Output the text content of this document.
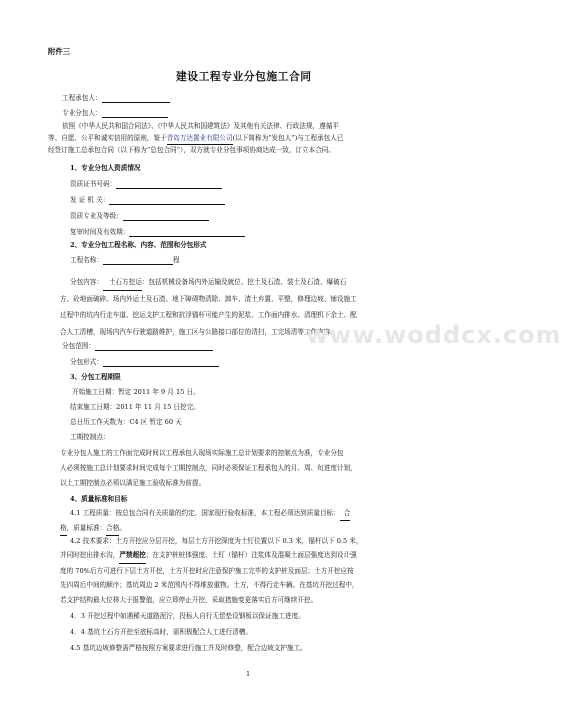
附件三
建设工程专业分包施工合同
工程承包人：
专业分包人：
依照《中华人民共和国合同法》、《中华人民共和国建筑法》及其他有关法律、行政法规，遵循平
等、自愿、公平和诚实信用的原则，鉴于青岛万达置业有限公司(以下简称为“发包人”)与工程承包人已
经签订施工总承包合同（以下称为“总包合同”），双方就专业分包事项协商达成一致，订立本合同。
1、专业分包人资质情况
资质证书号码：
发 证 机 关：
资质专业及等级：
复审时间及有效期：
2、专业分包工程名称、内容、范围和分包形式
工程名称：	程
分包内容： 土石方挖运：包括机械设备场内外运输及就位、挖土及石渣、装土及石渣、爆破石
方、砼地面破碎、场内外运土及石渣、地下障碍物清除、卸车、渣土弃置、平整，修理边坡、铺设施工
过程中的坑内行走车道、挖运支护工程和抗浮锚杆可能产生的泥浆、工作面内排水、清理机下余土、配
合人工清槽，现场内汽车行驶道路维护，施工区与公路接口部位的清扫，工完场清等工作内容。
分包范围：
分包形式：
3、分包工程期限
开始施工日期：暂定 2011 年 9 月 15 日。
结束施工日期：2011 年 11 月 15 日挖完。
总日历工作天数为：C4 区 暂定 60 天
工期控制点：
专业分包人施工的工作面完成时间以工程承包人现场实际施工总计划要求的控制点为准，专业分包
人必须按施工总计划要求时间完成每个工期控制点，同时必须保证工程承包人的月、周、旬进度计划，
以上工期控制点必须以满足施工验收标准为前提。
4、质量标准和目标
4.1 工程质量：按总包合同有关质量的约定、国家现行验收标准，本工程必须达到质量目标： 合
格，质量标准：合格。
4.2 技术要求：土方开挖应分层开挖，每层土方开挖深度为土钉位置以下 0.3 米，锚杆以下 0.5 米，
并同时挖出排水沟，严禁超挖；在支护桩桩体强度、土钉（锚杆）注浆体及混凝土面层强度达到设计强
度的 70%后方可进行下层土方开挖，土方开挖时应注意保护施工完毕的支护桩及面层；土方开挖应按
先四周后中间的顺序；基坑周边 2 米范围内不得堆放重物。土方，不得行走车辆。在基坑开挖过程中，
若支护结构最大位移大于报警值，应立即停止开挖，采取措施变更落实后方可继续开挖。
4．3 开挖过程中如遇稀天道路泥泞，投标人自行无偿垫设钢板以保证施工进度。
4．4 基坑土石方开挖至底标高时，需积极配合人工进行清槽。
4.5 基坑边坡修整需严格按照方案要求进行施工并及时修整，配合边坡支护施工。
www.woddcx.com
1
